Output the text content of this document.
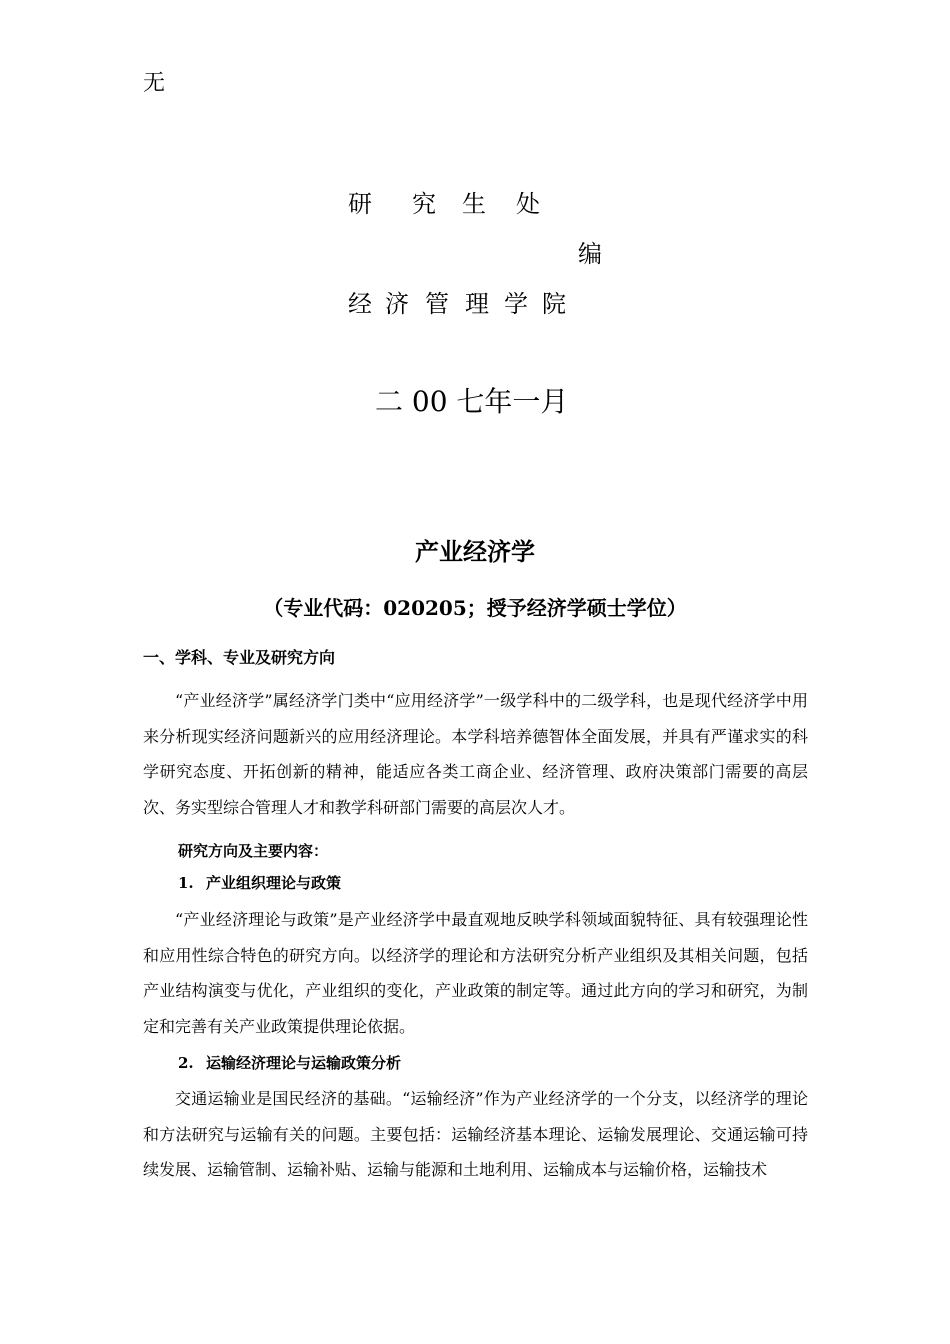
无
研 究 生 处
编
经 济 管 理 学 院
二 00 七年一月
产业经济学
（专业代码：020205；授予经济学硕士学位）
一、学科、专业及研究方向
“产业经济学”属经济学门类中“应用经济学”一级学科中的二级学科，也是现代经济学中用来分析现实经济问题新兴的应用经济理论。本学科培养德智体全面发展，并具有严谨求实的科学研究态度、开拓创新的精神，能适应各类工商企业、经济管理、政府决策部门需要的高层次、务实型综合管理人才和教学科研部门需要的高层次人才。
研究方向及主要内容：
1. 产业组织理论与政策
“产业经济理论与政策”是产业经济学中最直观地反映学科领域面貌特征、具有较强理论性和应用性综合特色的研究方向。以经济学的理论和方法研究分析产业组织及其相关问题，包括产业结构演变与优化，产业组织的变化，产业政策的制定等。通过此方向的学习和研究，为制定和完善有关产业政策提供理论依据。
2. 运输经济理论与运输政策分析
交通运输业是国民经济的基础。“运输经济”作为产业经济学的一个分支，以经济学的理论和方法研究与运输有关的问题。主要包括：运输经济基本理论、运输发展理论、交通运输可持续发展、运输管制、运输补贴、运输与能源和土地利用、运输成本与运输价格，运输技术
